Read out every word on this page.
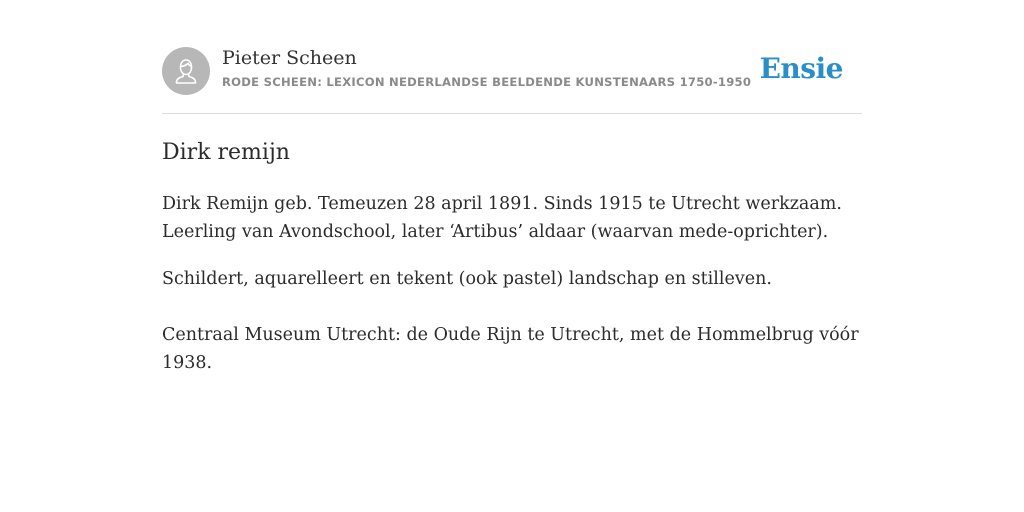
Pieter Scheen
RODE SCHEEN: LEXICON NEDERLANDSE BEELDENDE KUNSTENAARS 1750-1950 Ensie
Dirk remijn

Dirk Remijn geb. Temeuzen 28 april 1891. Sinds 1915 te Utrecht werkzaam. Leerling van Avondschool, later ‘Artibus’ aldaar (waarvan mede-oprichter).

Schildert, aquarelleert en tekent (ook pastel) landschap en stilleven.

Centraal Museum Utrecht: de Oude Rijn te Utrecht, met de Hommelbrug vóór 1938.
